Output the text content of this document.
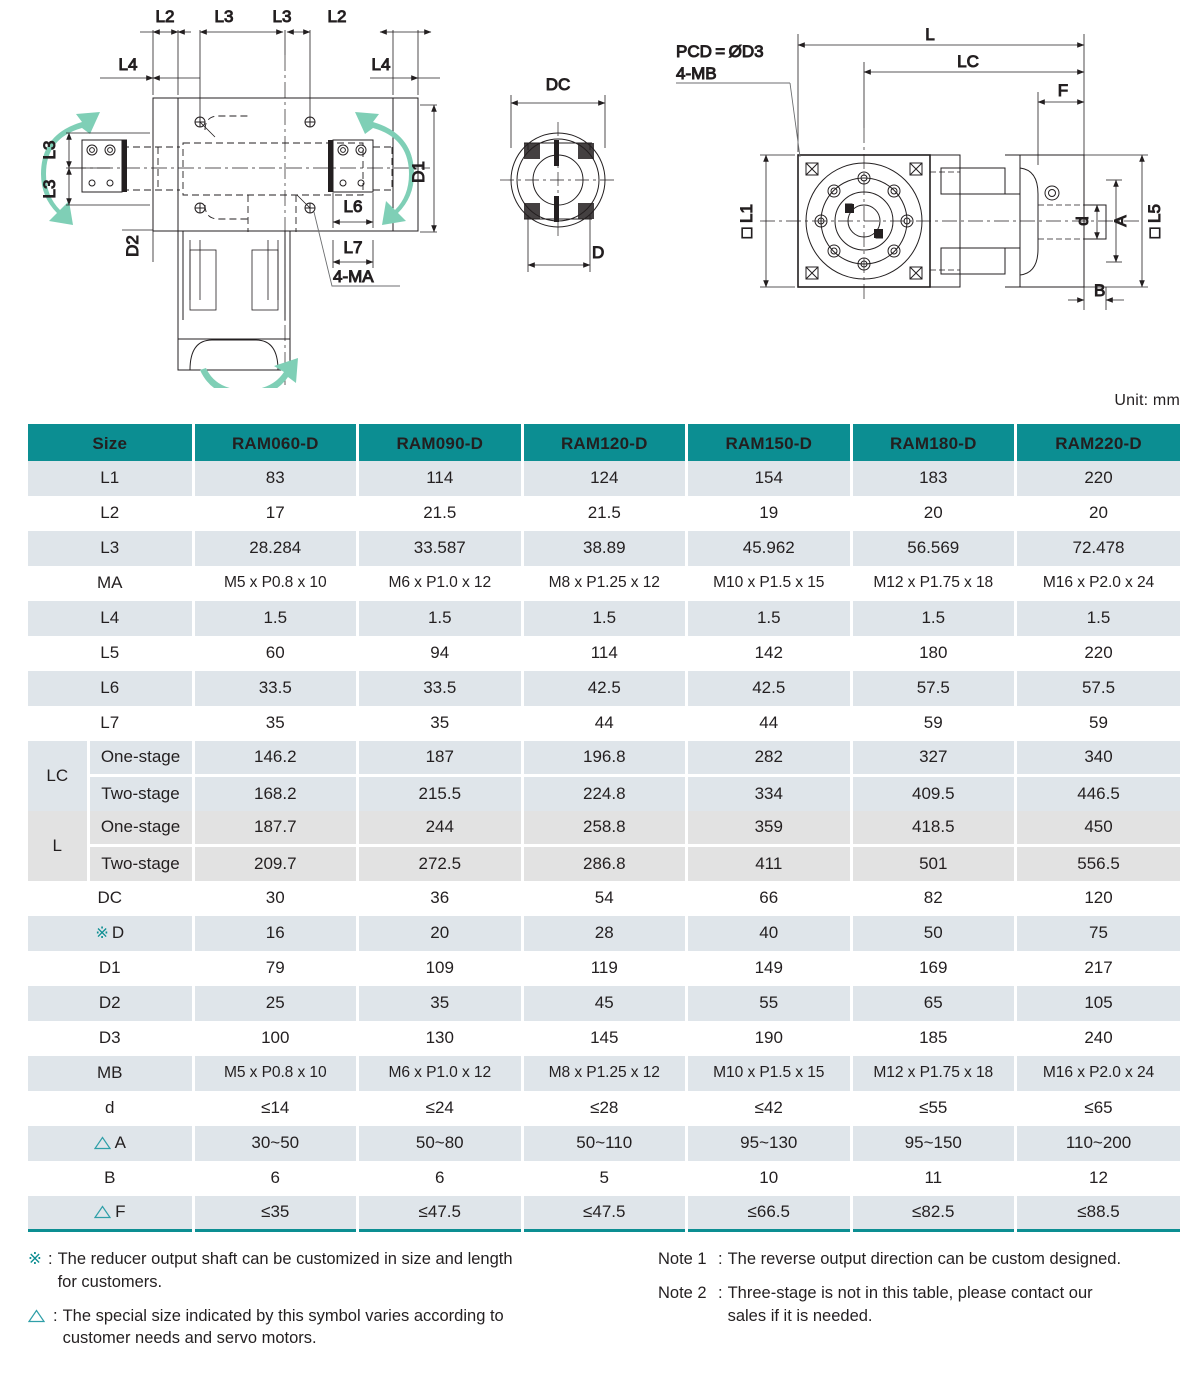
L2 L3 L3 L2
L4	L4
L3
L3
D1
D2
L6
L7
4-MA
DC
D
L
LC
F
PCD = ØD3
4-MB
□ L1	□ L5
A
d
B
Unit: mm
Size		RAM060-D	RAM090-D	RAM120-D	RAM150-D	RAM180-D	RAM220-D
L1		83	114	124	154	183	220
L2		17	21.5	21.5	19	20	20
L3		28.284	33.587	38.89	45.962	56.569	72.478
MA		M5 x P0.8 x 10	M6 x P1.0 x 12	M8 x P1.25 x 12	M10 x P1.5 x 15	M12 x P1.75 x 18	M16 x P2.0 x 24
L4		1.5	1.5	1.5	1.5	1.5	1.5
L5		60	94	114	142	180	220
L6		33.5	33.5	42.5	42.5	57.5	57.5
L7		35	35	44	44	59	59
LC	One-stage	146.2	187	196.8	282	327	340
	Two-stage	168.2	215.5	224.8	334	409.5	446.5
L	One-stage	187.7	244	258.8	359	418.5	450
	Two-stage	209.7	272.5	286.8	411	501	556.5
DC		30	36	54	66	82	120
※ D		16	20	28	40	50	75
D1		79	109	119	149	169	217
D2		25	35	45	55	65	105
D3		100	130	145	190	185	240
MB		M5 x P0.8 x 10	M6 x P1.0 x 12	M8 x P1.25 x 12	M10 x P1.5 x 15	M12 x P1.75 x 18	M16 x P2.0 x 24
d		≤14	≤24	≤28	≤42	≤55	≤65
A		30~50	50~80	50~110	95~130	95~150	110~200
B		6	6	5	10	11	12
F		≤35	≤47.5	≤47.5	≤66.5	≤82.5	≤88.5
※ : The reducer output shaft can be customized in size and length
for customers.
: The special size indicated by this symbol varies according to
customer needs and servo motors.
Note 1 : The reverse output direction can be custom designed.
Note 2 : Three-stage is not in this table, please contact our
sales if it is needed.
